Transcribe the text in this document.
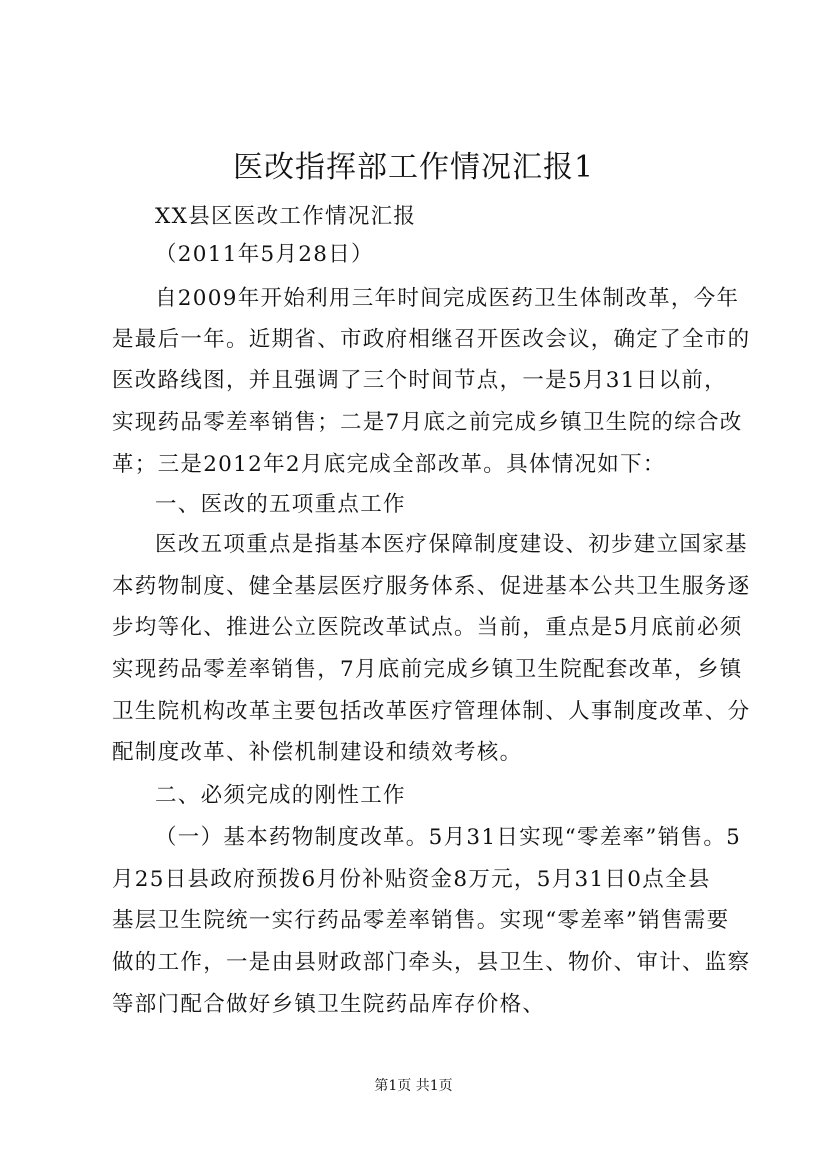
医改指挥部工作情况汇报1
XX县区医改工作情况汇报
（2011年5月28日）
自2009年开始利用三年时间完成医药卫生体制改革，今年
是最后一年。近期省、市政府相继召开医改会议，确定了全市的
医改路线图，并且强调了三个时间节点，一是5月31日以前，
实现药品零差率销售；二是7月底之前完成乡镇卫生院的综合改
革；三是2012年2月底完成全部改革。具体情况如下：
一、医改的五项重点工作
医改五项重点是指基本医疗保障制度建设、初步建立国家基
本药物制度、健全基层医疗服务体系、促进基本公共卫生服务逐
步均等化、推进公立医院改革试点。当前，重点是5月底前必须
实现药品零差率销售，7月底前完成乡镇卫生院配套改革，乡镇
卫生院机构改革主要包括改革医疗管理体制、人事制度改革、分
配制度改革、补偿机制建设和绩效考核。
二、必须完成的刚性工作
（一）基本药物制度改革。5月31日实现“零差率”销售。5
月25日县政府预拨6月份补贴资金8万元，5月31日0点全县
基层卫生院统一实行药品零差率销售。实现“零差率”销售需要
做的工作，一是由县财政部门牵头，县卫生、物价、审计、监察
等部门配合做好乡镇卫生院药品库存价格、
第1页 共1页
